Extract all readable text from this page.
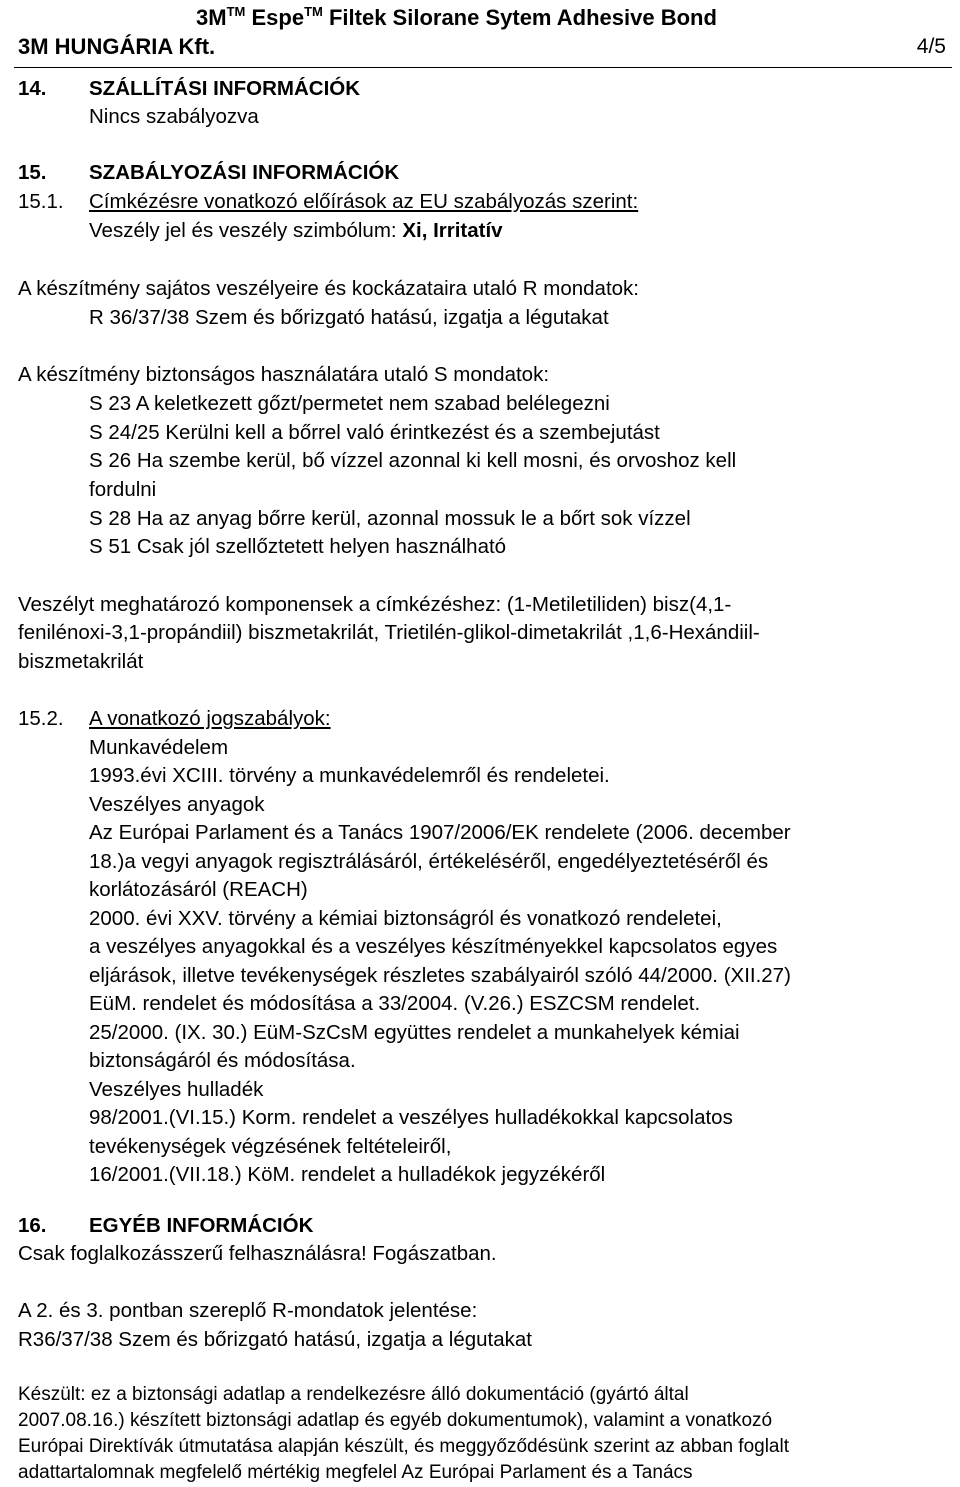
3M™ Espe™ Filtek Silorane Sytem Adhesive Bond
3M HUNGÁRIA Kft.	4/5
14. SZÁLLÍTÁSI INFORMÁCIÓK
Nincs szabályozva
15. SZABÁLYOZÁSI INFORMÁCIÓK
15.1. Címkézésre vonatkozó előírások az EU szabályozás szerint:
Veszély jel és veszély szimbólum: Xi, Irritatív
A készítmény sajátos veszélyeire és kockázataira utaló R mondatok:
R 36/37/38 Szem és bőrizgató hatású, izgatja a légutakat
A készítmény biztonságos használatára utaló S mondatok:
S 23 A keletkezett gőzt/permetet nem szabad belélegezni
S 24/25 Kerülni kell a bőrrel való érintkezést és a szembejutást
S 26 Ha szembe kerül, bő vízzel azonnal ki kell mosni, és orvoshoz kell
fordulni
S 28 Ha az anyag bőrre kerül, azonnal mossuk le a bőrt sok vízzel
S 51 Csak jól szellőztetett helyen használható
Veszélyt meghatározó komponensek a címkézéshez: (1-Metiletiliden) bisz(4,1-
fenilénoxi-3,1-propándiil) biszmetakrilát, Trietilén-glikol-dimetakrilát ,1,6-Hexándiil-
biszmetakrilát
15.2. A vonatkozó jogszabályok:
Munkavédelem
1993.évi XCIII. törvény a munkavédelemről és rendeletei.
Veszélyes anyagok
Az Európai Parlament és a Tanács 1907/2006/EK rendelete (2006. december
18.)a vegyi anyagok regisztrálásáról, értékeléséről, engedélyeztetéséről és
korlátozásáról (REACH)
2000. évi XXV. törvény a kémiai biztonságról és vonatkozó rendeletei,
a veszélyes anyagokkal és a veszélyes készítményekkel kapcsolatos egyes
eljárások, illetve tevékenységek részletes szabályairól szóló 44/2000. (XII.27)
EüM. rendelet és módosítása a 33/2004. (V.26.) ESZCSM rendelet.
25/2000. (IX. 30.) EüM-SzCsM együttes rendelet a munkahelyek kémiai
biztonságáról és módosítása.
Veszélyes hulladék
98/2001.(VI.15.) Korm. rendelet a veszélyes hulladékokkal kapcsolatos
tevékenységek végzésének feltételeiről,
16/2001.(VII.18.) KöM. rendelet a hulladékok jegyzékéről
16. EGYÉB INFORMÁCIÓK
Csak foglalkozásszerű felhasználásra! Fogászatban.
A 2. és 3. pontban szereplő R-mondatok jelentése:
R36/37/38 Szem és bőrizgató hatású, izgatja a légutakat
Készült: ez a biztonsági adatlap a rendelkezésre álló dokumentáció (gyártó által
2007.08.16.) készített biztonsági adatlap és egyéb dokumentumok), valamint a vonatkozó
Európai Direktívák útmutatása alapján készült, és meggyőződésünk szerint az abban foglalt
adattartalomnak megfelelő mértékig megfelel Az Európai Parlament és a Tanács
